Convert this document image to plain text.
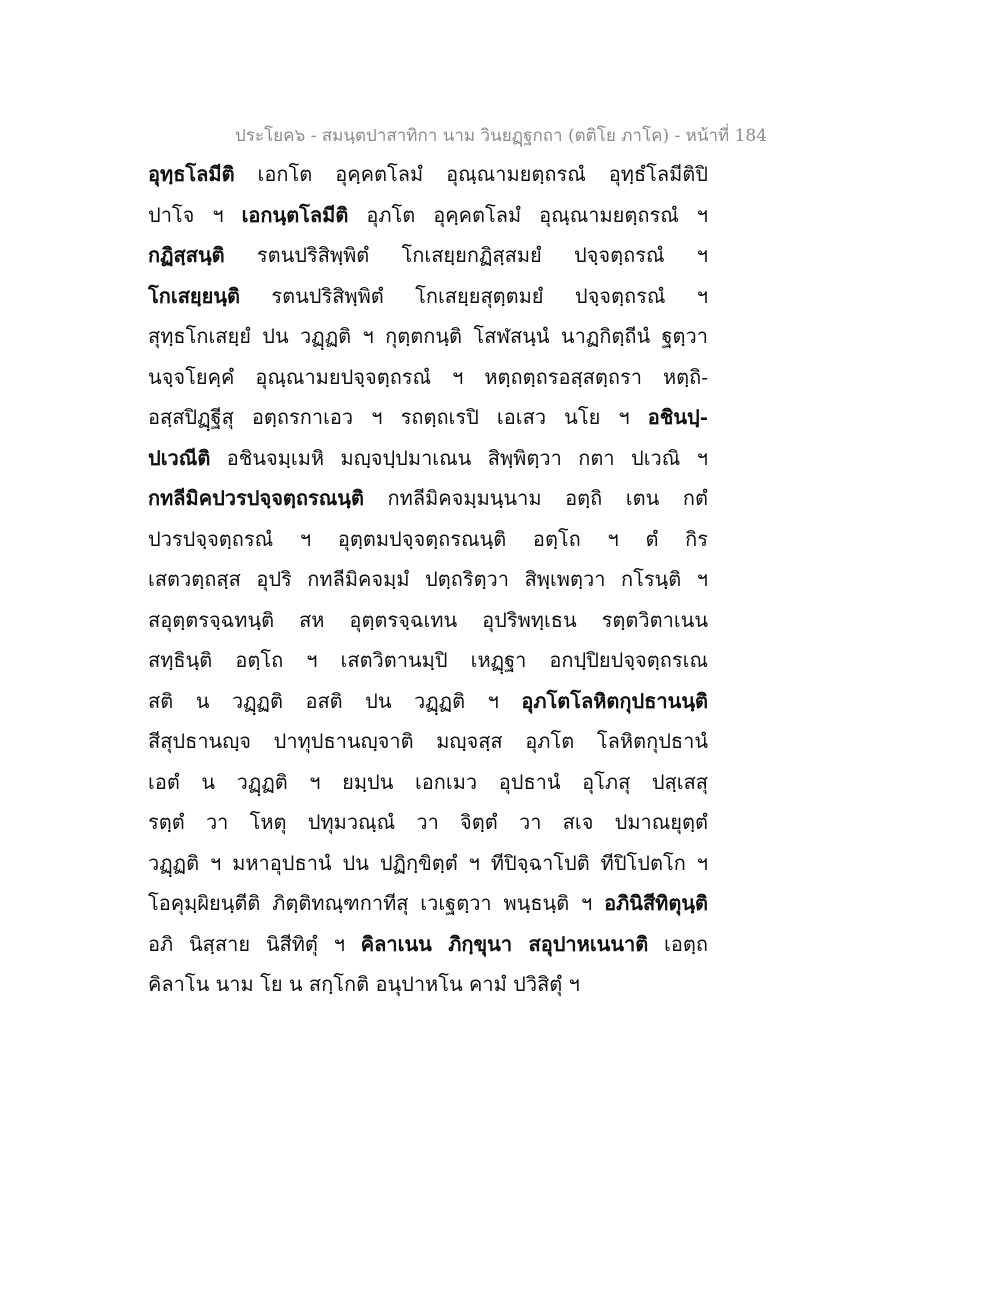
ประโยค๖ - สมนฺตปาสาทิกา นาม วินยฏฺฐกถา (ตติโย ภาโค) - หน้าที่ 184
อุทฺธโลมีติ เอกโต อุคฺคตโลมํ อุณฺณามยตฺถรณํ อุทฺธํโลมีติปิ
ปาโจ ฯ เอกนฺตโลมีติ อุภโต อุคฺคตโลมํ อุณฺณามยตฺถรณํ ฯ
กฏิสฺสนฺติ รตนปริสิพฺพิตํ โกเสยฺยกฏิสฺสมยํ ปจฺจตฺถรณํ ฯ
โกเสยฺยนฺติ รตนปริสิพฺพิตํ โกเสยฺยสุตฺตมยํ ปจฺจตฺถรณํ ฯ
สุทฺธโกเสยฺยํ ปน วฏฺฏติ ฯ กุตฺตกนฺติ โสฬสนฺนํ นาฏกิตฺถีนํ ฐตฺวา
นจฺจโยคฺคํ อุณฺณามยปจฺจตฺถรณํ ฯ หตฺถตฺถรอสฺสตฺถรา หตฺถิ-
อสฺสปิฏฺฐีสุ อตฺถรกาเอว ฯ รถตฺถเรปิ เอเสว นโย ฯ อชินปฺ-
ปเวณีติ อชินจมฺเมหิ มญฺจปฺปมาเณน สิพฺพิตฺวา กตา ปเวณิ ฯ
กทลีมิคปวรปจฺจตฺถรณนฺติ กทลีมิคจมฺมนฺนาม อตฺถิ เตน กตํ
ปวรปจฺจตฺถรณํ ฯ อุตฺตมปจฺจตฺถรณนฺติ อตฺโถ ฯ ตํ กิร
เสตวตฺถสฺส อุปริ กทลีมิคจมฺมํ ปตฺถริตฺวา สิพฺเพตฺวา กโรนฺติ ฯ
สอุตฺตรจฺฉทนฺติ สห อุตฺตรจฺฉเทน อุปริพทฺเธน รตฺตวิตาเนน
สทฺธินฺติ อตฺโถ ฯ เสตวิตานมฺปิ เหฏฺฐา อกปฺปิยปจฺจตฺถรเณ
สติ น วฏฺฏติ อสติ ปน วฏฺฏติ ฯ อุภโตโลหิตกุปธานนฺติ
สีสุปธานญฺจ ปาทุปธานญฺจาติ มญฺจสฺส อุภโต โลหิตกุปธานํ
เอตํ น วฏฺฏติ ฯ ยมฺปน เอกเมว อุปธานํ อุโภสุ ปสฺเสสุ
รตฺตํ วา โหตุ ปทุมวณฺณํ วา จิตฺตํ วา สเจ ปมาณยุตฺตํ
วฏฺฏติ ฯ มหาอุปธานํ ปน ปฏิกฺขิตฺตํ ฯ ทีปิจฺฉาโปติ ทีปิโปตโก ฯ
โอคุมฺผิยนฺตีติ ภิตฺติทณฺฑกาทีสุ เวเฐตฺวา พนฺธนฺติ ฯ อภินิสีทิตุนฺติ
อภิ นิสฺสาย นิสีทิตุํ ฯ คิลาเนน ภิกฺขุนา สอุปาหเนนาติ เอตฺถ
คิลาโน นาม โย น สกฺโกติ อนุปาหโน คามํ ปวิสิตุํ ฯ
